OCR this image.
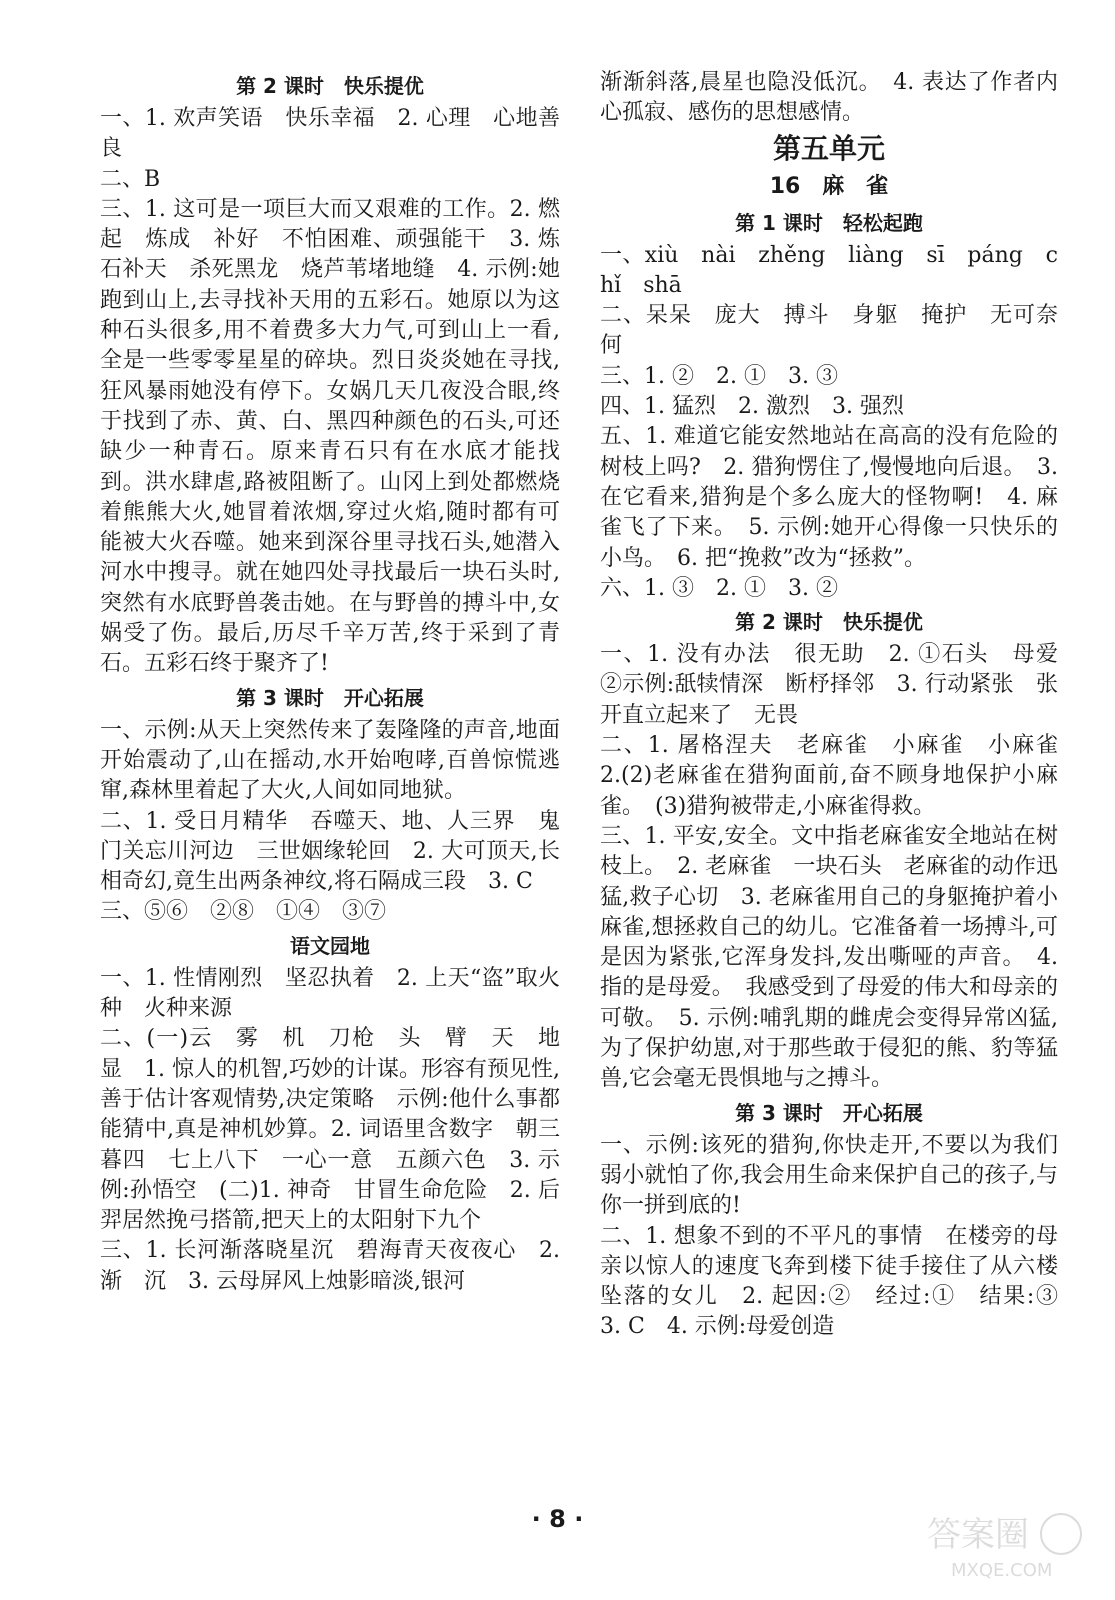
第 2 课时　快乐提优
一、1. 欢声笑语　快乐幸福　2. 心理　心地善良
二、B
三、1. 这可是一项巨大而又艰难的工作。2. 燃起　炼成　补好　不怕困难、顽强能干　3. 炼石补天　杀死黑龙　烧芦苇堵地缝　4. 示例:她跑到山上,去寻找补天用的五彩石。她原以为这种石头很多,用不着费多大力气,可到山上一看,全是一些零零星星的碎块。烈日炎炎她在寻找,狂风暴雨她没有停下。女娲几天几夜没合眼,终于找到了赤、黄、白、黑四种颜色的石头,可还缺少一种青石。原来青石只有在水底才能找到。洪水肆虐,路被阻断了。山冈上到处都燃烧着熊熊大火,她冒着浓烟,穿过火焰,随时都有可能被大火吞噬。她来到深谷里寻找石头,她潜入河水中搜寻。就在她四处寻找最后一块石头时,突然有水底野兽袭击她。在与野兽的搏斗中,女娲受了伤。最后,历尽千辛万苦,终于采到了青石。五彩石终于聚齐了!
第 3 课时　开心拓展
一、示例:从天上突然传来了轰隆隆的声音,地面开始震动了,山在摇动,水开始咆哮,百兽惊慌逃窜,森林里着起了大火,人间如同地狱。
二、1. 受日月精华　吞噬天、地、人三界　鬼门关忘川河边　三世姻缘轮回　2. 大可顶天,长相奇幻,竟生出两条神纹,将石隔成三段　3. C
三、⑤⑥　②⑧　①④　③⑦
语文园地
一、1. 性情刚烈　坚忍执着　2. 上天“盗”取火种　火种来源
二、(一)云　雾　机　刀枪　头　臂　天　地　显　1. 惊人的机智,巧妙的计谋。形容有预见性,善于估计客观情势,决定策略　示例:他什么事都能猜中,真是神机妙算。2. 词语里含数字　朝三暮四　七上八下　一心一意　五颜六色　3. 示例:孙悟空　(二)1. 神奇　甘冒生命危险　2. 后羿居然挽弓搭箭,把天上的太阳射下九个
三、1. 长河渐落晓星沉　碧海青天夜夜心　2. 渐　沉　3. 云母屏风上烛影暗淡,银河
渐渐斜落,晨星也隐没低沉。　4. 表达了作者内心孤寂、感伤的思想感情。
第五单元
16　麻　雀
第 1 课时　轻松起跑
一、xiù　nài　zhěng　liàng　sī　páng　chǐ　shā
二、呆呆　庞大　搏斗　身躯　掩护　无可奈何
三、1. ②　2. ①　3. ③
四、1. 猛烈　2. 激烈　3. 强烈
五、1. 难道它能安然地站在高高的没有危险的树枝上吗?　2. 猎狗愣住了,慢慢地向后退。　3. 在它看来,猎狗是个多么庞大的怪物啊!　4. 麻雀飞了下来。　5. 示例:她开心得像一只快乐的小鸟。　6. 把“挽救”改为“拯救”。
六、1. ③　2. ①　3. ②
第 2 课时　快乐提优
一、1. 没有办法　很无助　2. ①石头　母爱　②示例:舐犊情深　断杼择邻　3. 行动紧张　张开直立起来了　无畏
二、1. 屠格涅夫　老麻雀　小麻雀　小麻雀　2.(2)老麻雀在猎狗面前,奋不顾身地保护小麻雀。　(3)猎狗被带走,小麻雀得救。
三、1. 平安,安全。文中指老麻雀安全地站在树枝上。　2. 老麻雀　一块石头　老麻雀的动作迅猛,救子心切　3. 老麻雀用自己的身躯掩护着小麻雀,想拯救自己的幼儿。它准备着一场搏斗,可是因为紧张,它浑身发抖,发出嘶哑的声音。　4. 指的是母爱。　我感受到了母爱的伟大和母亲的可敬。　5. 示例:哺乳期的雌虎会变得异常凶猛,为了保护幼崽,对于那些敢于侵犯的熊、豹等猛兽,它会毫无畏惧地与之搏斗。
第 3 课时　开心拓展
一、示例:该死的猎狗,你快走开,不要以为我们弱小就怕了你,我会用生命来保护自己的孩子,与你一拼到底的!
二、1. 想象不到的不平凡的事情　在楼旁的母亲以惊人的速度飞奔到楼下徒手接住了从六楼坠落的女儿　2. 起因:②　经过:①　结果:③　3. C　4. 示例:母爱创造
· 8 ·	答案圈
MXQE.COM
